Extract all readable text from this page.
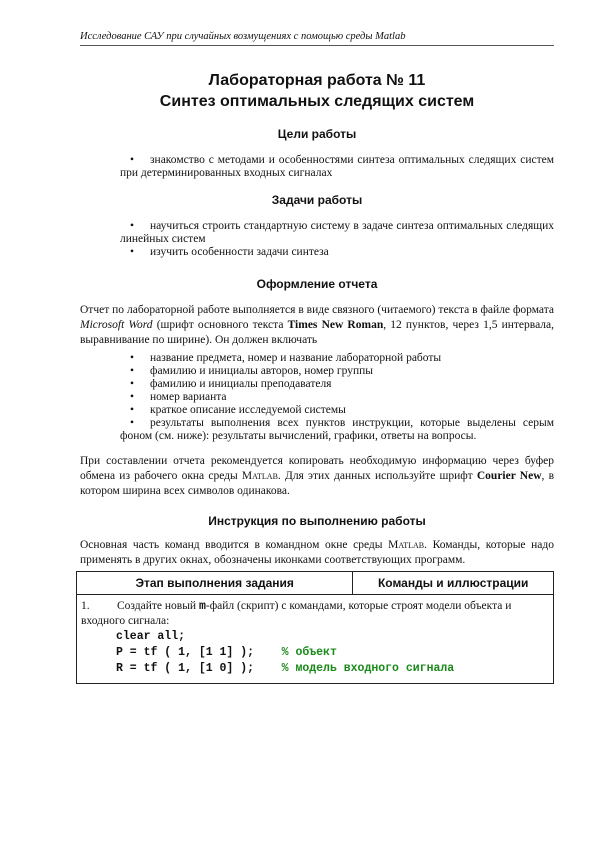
Исследование САУ при случайных возмущениях с помощью среды Matlab
Лабораторная работа № 11
Синтез оптимальных следящих систем
Цели работы
• знакомство с методами и особенностями синтеза оптимальных следящих систем при детерминированных входных сигналах
Задачи работы
• научиться строить стандартную систему в задаче синтеза оптимальных следящих линейных систем
• изучить особенности задачи синтеза
Оформление отчета

Отчет по лабораторной работе выполняется в виде связного (читаемого) текста в файле формата Microsoft Word (шрифт основного текста Times New Roman, 12 пунктов, через 1,5 интервала, выравнивание по ширине). Он должен включать

• название предмета, номер и название лабораторной работы
• фамилию и инициалы авторов, номер группы
• фамилию и инициалы преподавателя
• номер варианта
• краткое описание исследуемой системы
• результаты выполнения всех пунктов инструкции, которые выделены серым фоном (см. ниже): результаты вычислений, графики, ответы на вопросы.

При составлении отчета рекомендуется копировать необходимую информацию через буфер обмена из рабочего окна среды Matlab. Для этих данных используйте шрифт Courier New, в котором ширина всех символов одинакова.

Инструкция по выполнению работы

Основная часть команд вводится в командном окне среды Matlab. Команды, которые надо применять в других окнах, обозначены иконками соответствующих программ.

Этап выполнения задания	Команды и иллюстрации

1. Создайте новый m-файл (скрипт) с командами, которые строят модели объекта и входного сигнала:
clear all;
P = tf ( 1, [1 1] );    % объект
R = tf ( 1, [1 0] );    % модель входного сигнала
